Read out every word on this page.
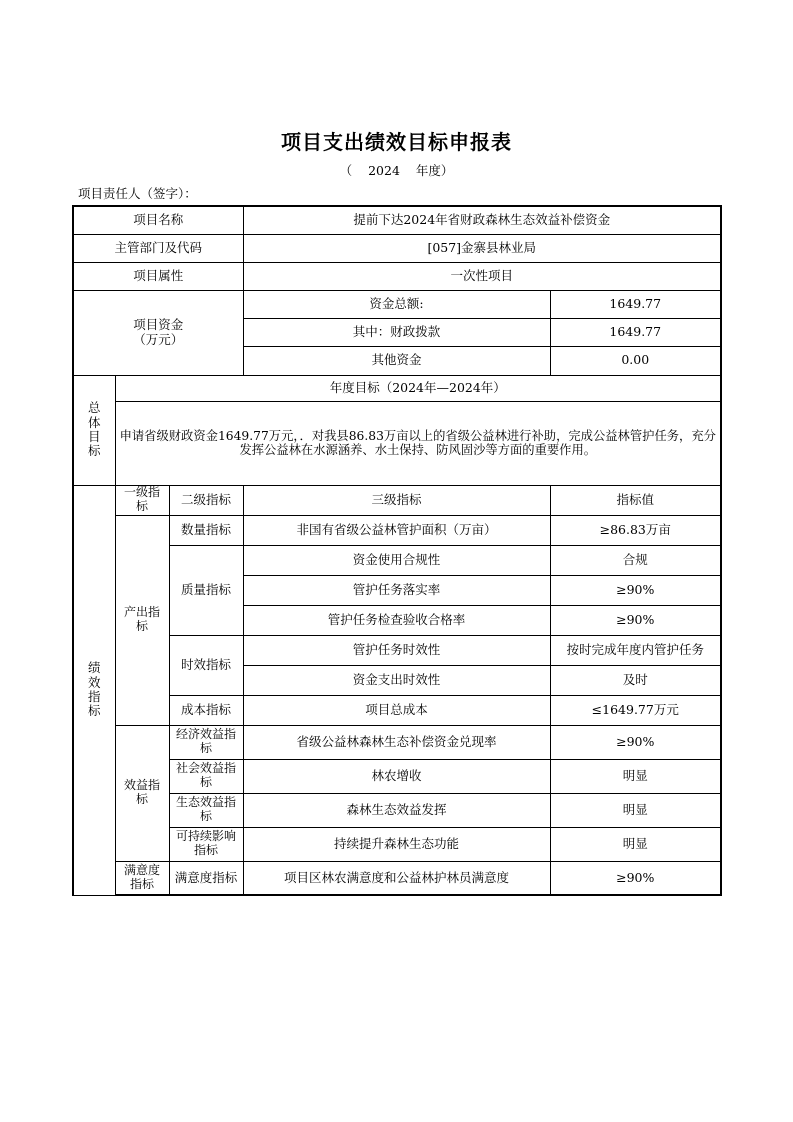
项目支出绩效目标申报表
（ 2024 年度）
项目责任人（签字）：
项目名称			提前下达2024年省财政森林生态效益补偿资金	
主管部门及代码			[057]金寨县林业局	
项目属性			一次性项目	

项目资金
（万元）			资金总额:	1649.77
			其中：财政拨款	1649.77
			其他资金	0.00

总
体
目
标	年度目标（2024年—2024年）			
	申请省级财政资金1649.77万元，．对我县86.83万亩以上的省级公益林进行补助，完成公益林管护任务，充分发挥公益林在水源涵养、水土保持、防风固沙等方面的重要作用。			

绩
效
指
标	一级指标	二级指标	三级指标	指标值
	产出指标	数量指标	非国有省级公益林管护面积（万亩）	≥86.83万亩
		质量指标	资金使用合规性	合规
			管护任务落实率	≥90%
			管护任务检查验收合格率	≥90%
		时效指标	管护任务时效性	按时完成年度内管护任务
			资金支出时效性	及时
		成本指标	项目总成本	≤1649.77万元
	效益指标	经济效益指标	省级公益林森林生态补偿资金兑现率	≥90%
		社会效益指标	林农增收	明显
		生态效益指标	森林生态效益发挥	明显
		可持续影响指标	持续提升森林生态功能	明显
	满意度指标	满意度指标	项目区林农满意度和公益林护林员满意度	≥90%
